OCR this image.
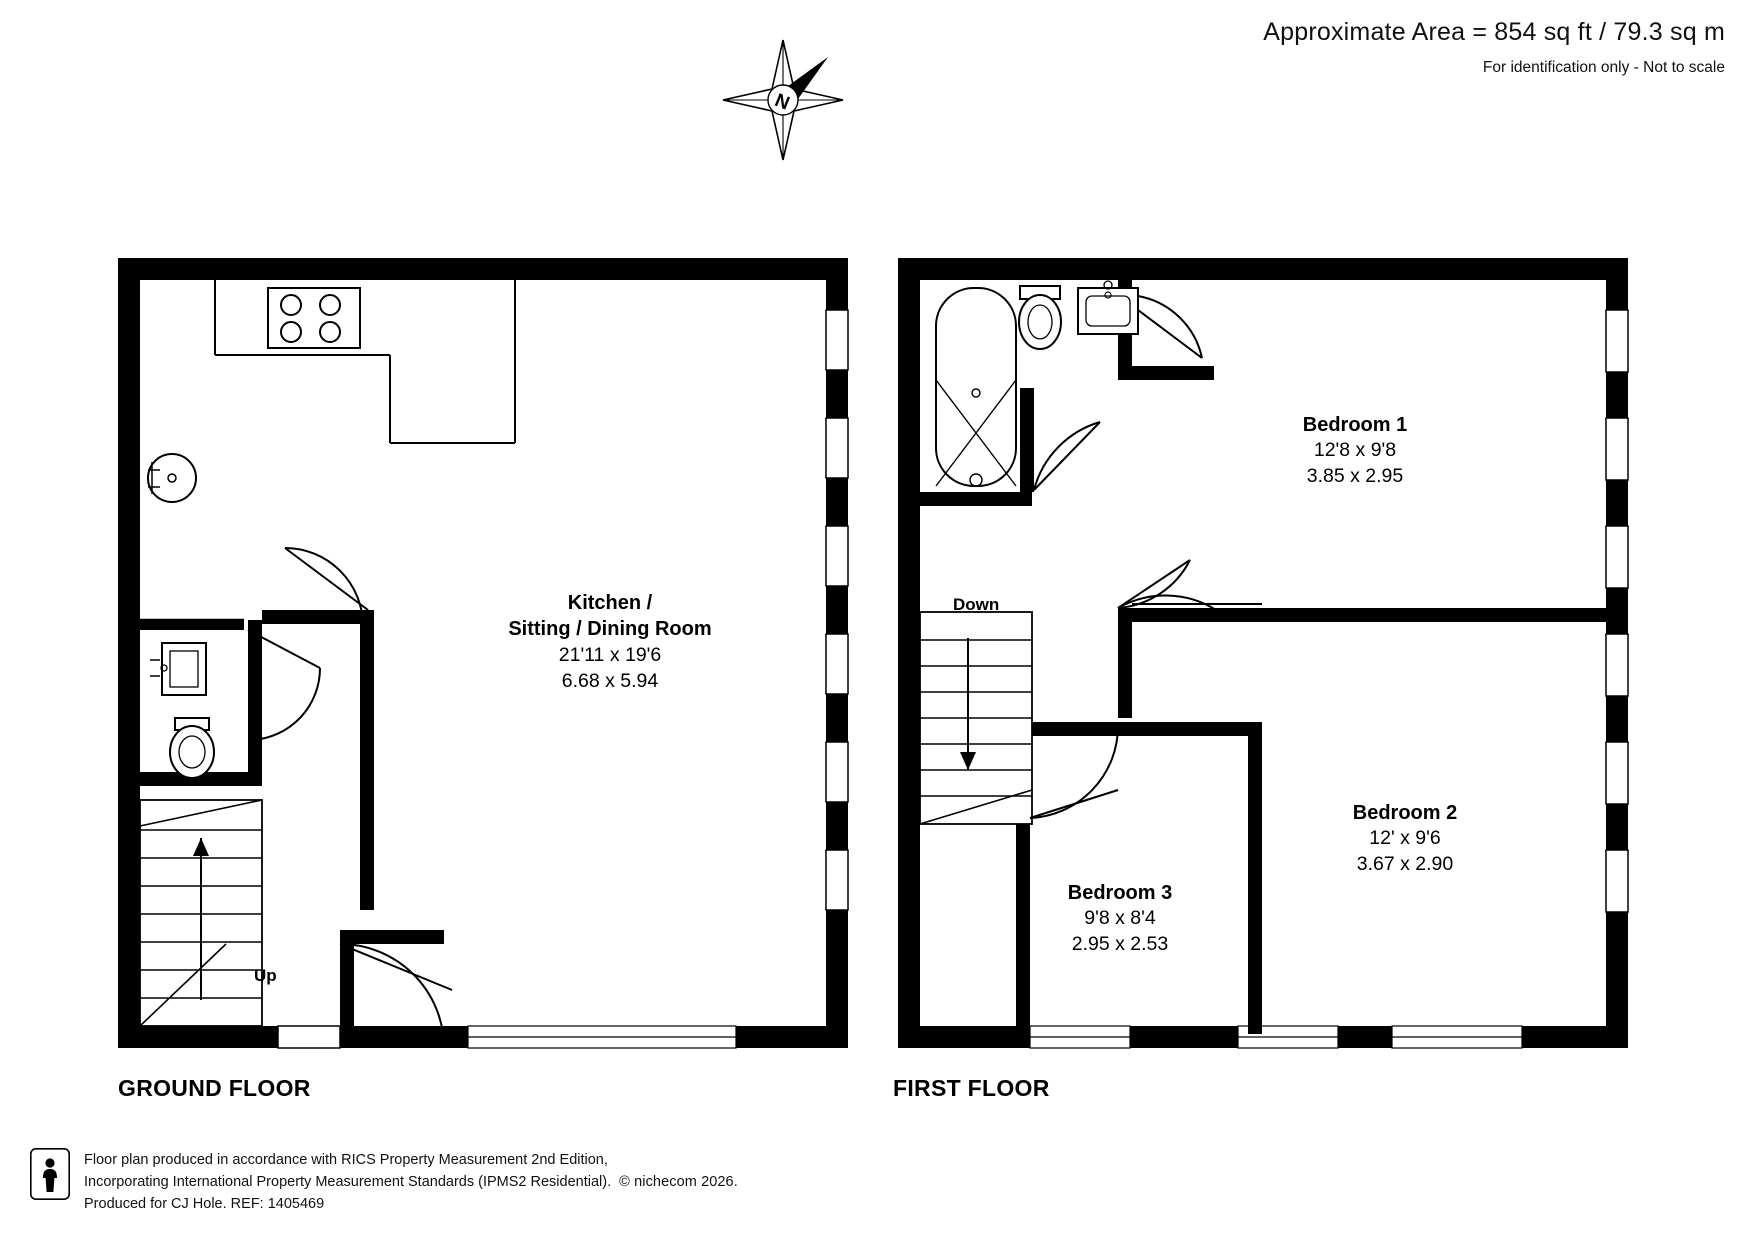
Approximate Area = 854 sq ft / 79.3 sq m
For identification only - Not to scale
N
GROUND FLOOR	FIRST FLOOR
Kitchen /
Sitting / Dining Room
21'11 x 19'6
6.68 x 5.94
Bedroom 1
12'8 x 9'8
3.85 x 2.95
Bedroom 2
12' x 9'6
3.67 x 2.90
Bedroom 3
9'8 x 8'4
2.95 x 2.53
Up
Down
Floor plan produced in accordance with RICS Property Measurement 2nd Edition,
Incorporating International Property Measurement Standards (IPMS2 Residential). © nichecom 2026.
Produced for CJ Hole. REF: 1405469
